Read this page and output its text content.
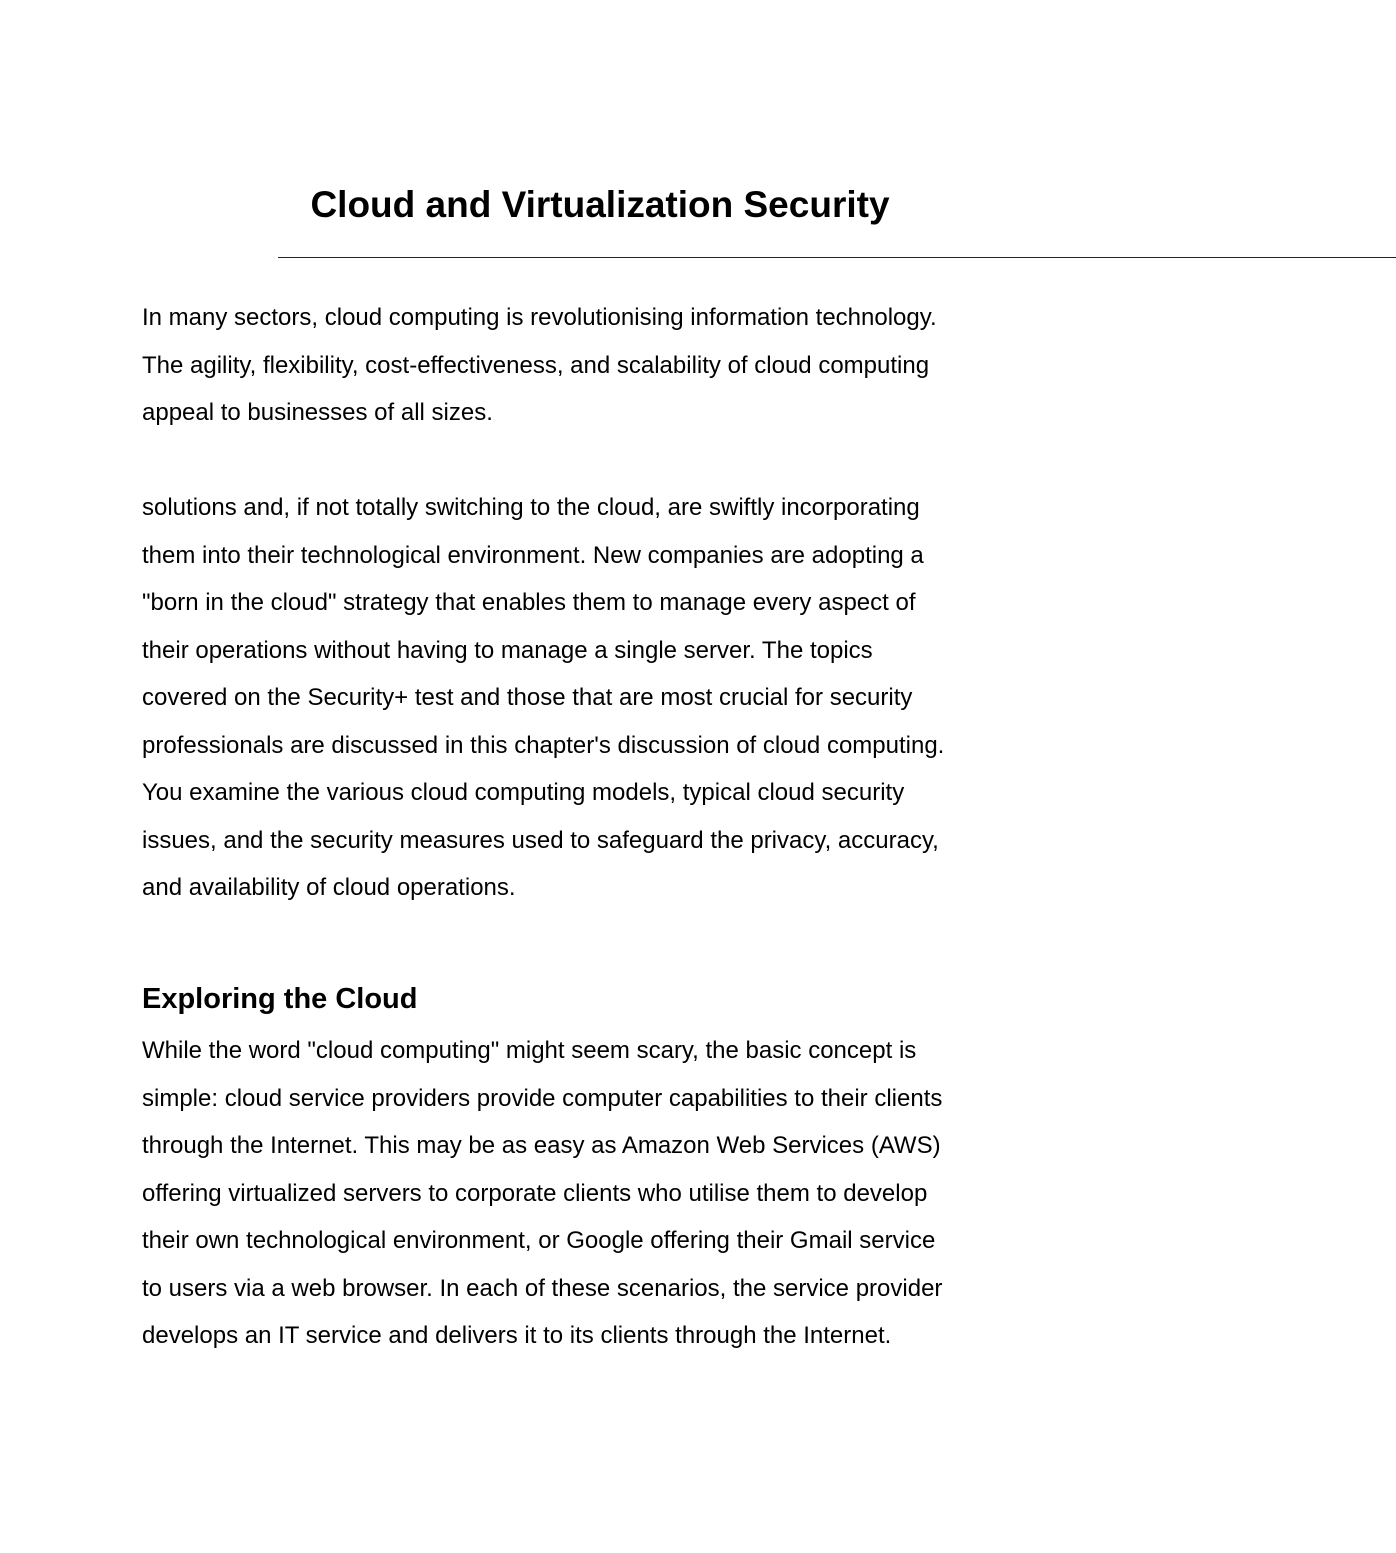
Cloud and Virtualization Security
——————————————————————————————————————————————————————————————————————————————————————

In many sectors, cloud computing is revolutionising information technology.
The agility, flexibility, cost-effectiveness, and scalability of cloud computing
appeal to businesses of all sizes.

solutions and, if not totally switching to the cloud, are swiftly incorporating
them into their technological environment. New companies are adopting a
"born in the cloud" strategy that enables them to manage every aspect of
their operations without having to manage a single server. The topics
covered on the Security+ test and those that are most crucial for security
professionals are discussed in this chapter's discussion of cloud computing.
You examine the various cloud computing models, typical cloud security
issues, and the security measures used to safeguard the privacy, accuracy,
and availability of cloud operations.

Exploring the Cloud

While the word "cloud computing" might seem scary, the basic concept is
simple: cloud service providers provide computer capabilities to their clients
through the Internet. This may be as easy as Amazon Web Services (AWS)
offering virtualized servers to corporate clients who utilise them to develop
their own technological environment, or Google offering their Gmail service
to users via a web browser. In each of these scenarios, the service provider
develops an IT service and delivers it to its clients through the Internet.
